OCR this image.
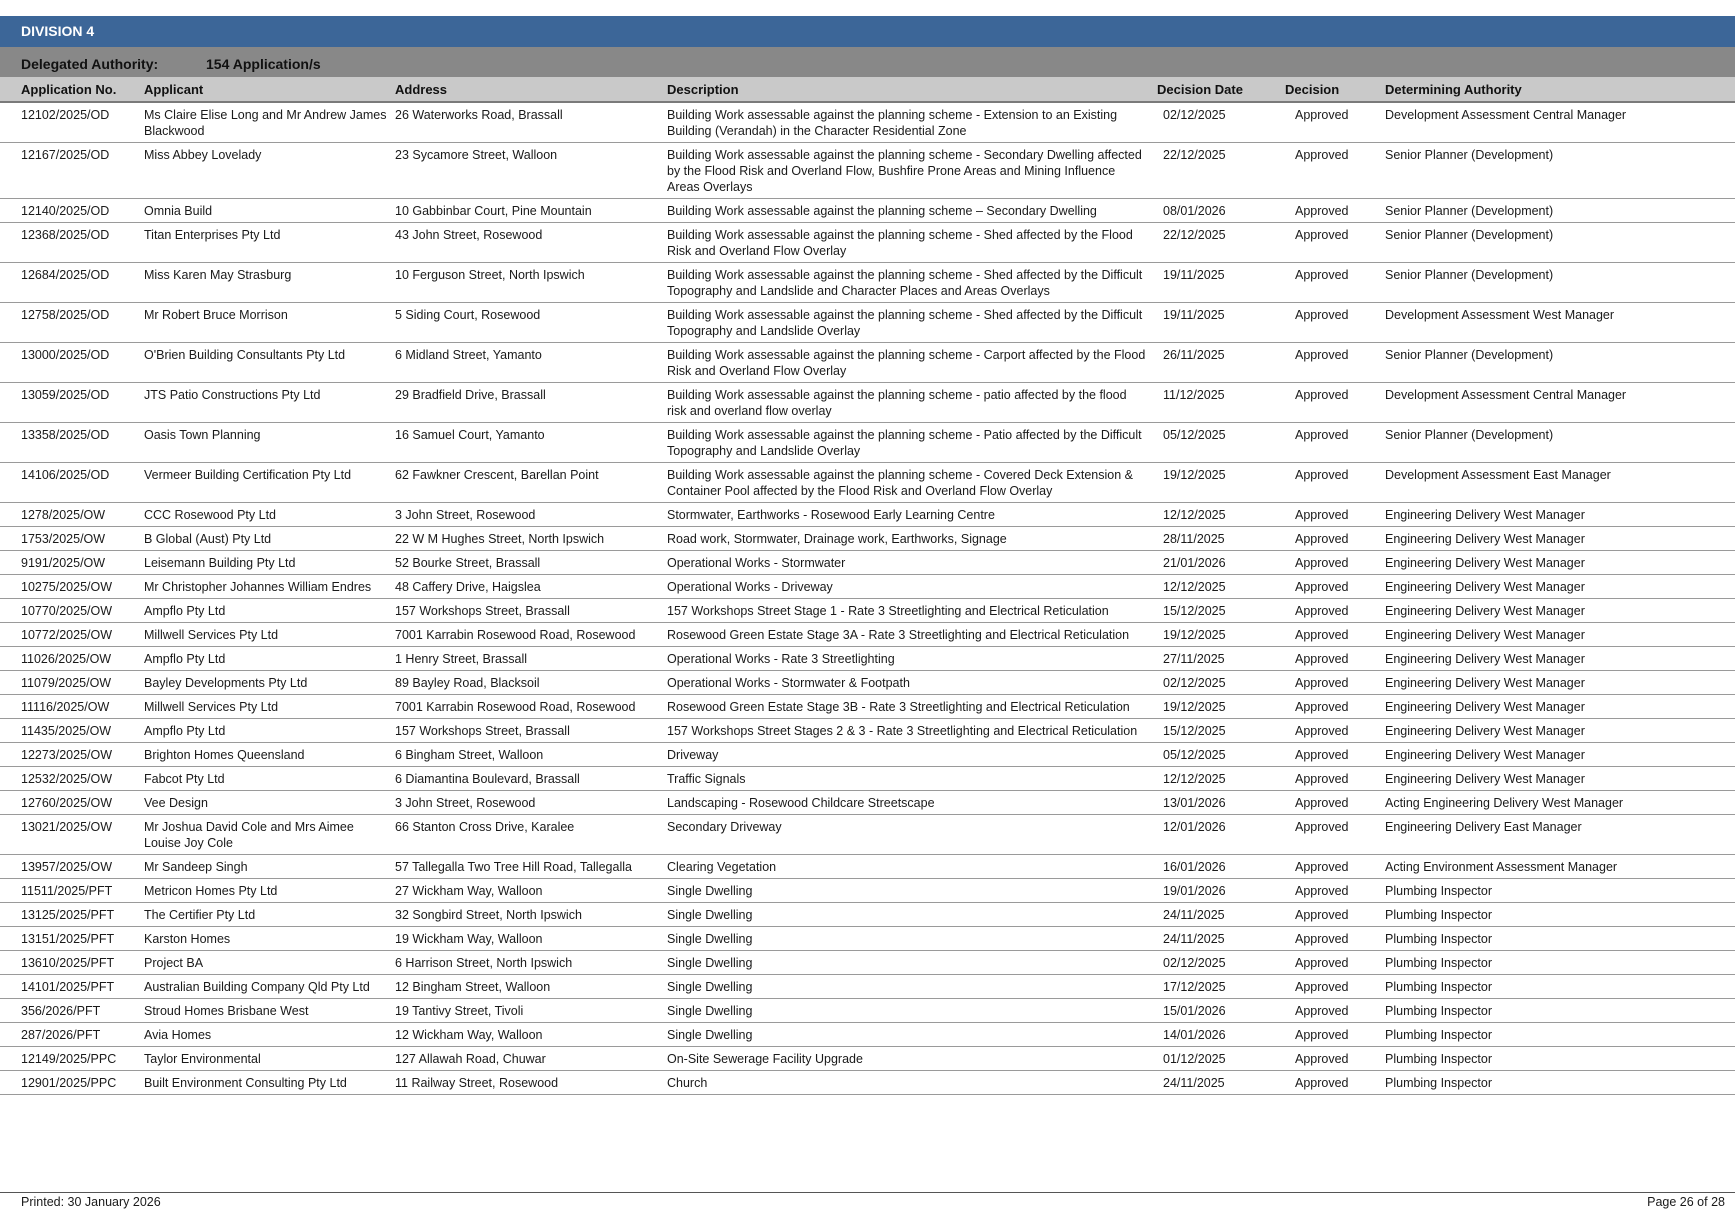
DIVISION 4
Delegated Authority:	154 Application/s
Application No.	Applicant	Address	Description	Decision Date	Decision	Determining Authority
12102/2025/OD	Ms Claire Elise Long and Mr Andrew James Blackwood	26 Waterworks Road, Brassall	Building Work assessable against the planning scheme - Extension to an Existing Building (Verandah) in the Character Residential Zone	02/12/2025	Approved	Development Assessment Central Manager
12167/2025/OD	Miss Abbey Lovelady	23 Sycamore Street, Walloon	Building Work assessable against the planning scheme - Secondary Dwelling affected by the Flood Risk and Overland Flow, Bushfire Prone Areas and Mining Influence Areas Overlays	22/12/2025	Approved	Senior Planner (Development)
12140/2025/OD	Omnia Build	10 Gabbinbar Court, Pine Mountain	Building Work assessable against the planning scheme – Secondary Dwelling	08/01/2026	Approved	Senior Planner (Development)
12368/2025/OD	Titan Enterprises Pty Ltd	43 John Street, Rosewood	Building Work assessable against the planning scheme - Shed affected by the Flood Risk and Overland Flow Overlay	22/12/2025	Approved	Senior Planner (Development)
12684/2025/OD	Miss Karen May Strasburg	10 Ferguson Street, North Ipswich	Building Work assessable against the planning scheme - Shed affected by the Difficult Topography and Landslide and Character Places and Areas Overlays	19/11/2025	Approved	Senior Planner (Development)
12758/2025/OD	Mr Robert Bruce Morrison	5 Siding Court, Rosewood	Building Work assessable against the planning scheme - Shed affected by the Difficult Topography and Landslide Overlay	19/11/2025	Approved	Development Assessment West Manager
13000/2025/OD	O'Brien Building Consultants Pty Ltd	6 Midland Street, Yamanto	Building Work assessable against the planning scheme - Carport affected by the Flood Risk and Overland Flow Overlay	26/11/2025	Approved	Senior Planner (Development)
13059/2025/OD	JTS Patio Constructions Pty Ltd	29 Bradfield Drive, Brassall	Building Work assessable against the planning scheme - patio affected by the flood risk and overland flow overlay	11/12/2025	Approved	Development Assessment Central Manager
13358/2025/OD	Oasis Town Planning	16 Samuel Court, Yamanto	Building Work assessable against the planning scheme - Patio affected by the Difficult Topography and Landslide Overlay	05/12/2025	Approved	Senior Planner (Development)
14106/2025/OD	Vermeer Building Certification Pty Ltd	62 Fawkner Crescent, Barellan Point	Building Work assessable against the planning scheme - Covered Deck Extension & Container Pool affected by the Flood Risk and Overland Flow Overlay	19/12/2025	Approved	Development Assessment East Manager
1278/2025/OW	CCC Rosewood Pty Ltd	3 John Street, Rosewood	Stormwater, Earthworks - Rosewood Early Learning Centre	12/12/2025	Approved	Engineering Delivery West Manager
1753/2025/OW	B Global (Aust) Pty Ltd	22 W M Hughes Street, North Ipswich	Road work, Stormwater, Drainage work, Earthworks, Signage	28/11/2025	Approved	Engineering Delivery West Manager
9191/2025/OW	Leisemann Building Pty Ltd	52 Bourke Street, Brassall	Operational Works - Stormwater	21/01/2026	Approved	Engineering Delivery West Manager
10275/2025/OW	Mr Christopher Johannes William Endres	48 Caffery Drive, Haigslea	Operational Works - Driveway	12/12/2025	Approved	Engineering Delivery West Manager
10770/2025/OW	Ampflo Pty Ltd	157 Workshops Street, Brassall	157 Workshops Street Stage 1 - Rate 3 Streetlighting and Electrical Reticulation	15/12/2025	Approved	Engineering Delivery West Manager
10772/2025/OW	Millwell Services Pty Ltd	7001 Karrabin Rosewood Road, Rosewood	Rosewood Green Estate Stage 3A - Rate 3 Streetlighting and Electrical Reticulation	19/12/2025	Approved	Engineering Delivery West Manager
11026/2025/OW	Ampflo Pty Ltd	1 Henry Street, Brassall	Operational Works - Rate 3 Streetlighting	27/11/2025	Approved	Engineering Delivery West Manager
11079/2025/OW	Bayley Developments Pty Ltd	89 Bayley Road, Blacksoil	Operational Works - Stormwater & Footpath	02/12/2025	Approved	Engineering Delivery West Manager
11116/2025/OW	Millwell Services Pty Ltd	7001 Karrabin Rosewood Road, Rosewood	Rosewood Green Estate Stage 3B - Rate 3 Streetlighting and Electrical Reticulation	19/12/2025	Approved	Engineering Delivery West Manager
11435/2025/OW	Ampflo Pty Ltd	157 Workshops Street, Brassall	157 Workshops Street Stages 2 & 3 - Rate 3 Streetlighting and Electrical Reticulation	15/12/2025	Approved	Engineering Delivery West Manager
12273/2025/OW	Brighton Homes Queensland	6 Bingham Street, Walloon	Driveway	05/12/2025	Approved	Engineering Delivery West Manager
12532/2025/OW	Fabcot Pty Ltd	6 Diamantina Boulevard, Brassall	Traffic Signals	12/12/2025	Approved	Engineering Delivery West Manager
12760/2025/OW	Vee Design	3 John Street, Rosewood	Landscaping - Rosewood Childcare Streetscape	13/01/2026	Approved	Acting Engineering Delivery West Manager
13021/2025/OW	Mr Joshua David Cole and Mrs Aimee Louise Joy Cole	66 Stanton Cross Drive, Karalee	Secondary Driveway	12/01/2026	Approved	Engineering Delivery East Manager
13957/2025/OW	Mr Sandeep Singh	57 Tallegalla Two Tree Hill Road, Tallegalla	Clearing Vegetation	16/01/2026	Approved	Acting Environment Assessment Manager
11511/2025/PFT	Metricon Homes Pty Ltd	27 Wickham Way, Walloon	Single Dwelling	19/01/2026	Approved	Plumbing Inspector
13125/2025/PFT	The Certifier Pty Ltd	32 Songbird Street, North Ipswich	Single Dwelling	24/11/2025	Approved	Plumbing Inspector
13151/2025/PFT	Karston Homes	19 Wickham Way, Walloon	Single Dwelling	24/11/2025	Approved	Plumbing Inspector
13610/2025/PFT	Project BA	6 Harrison Street, North Ipswich	Single Dwelling	02/12/2025	Approved	Plumbing Inspector
14101/2025/PFT	Australian Building Company Qld Pty Ltd	12 Bingham Street, Walloon	Single Dwelling	17/12/2025	Approved	Plumbing Inspector
356/2026/PFT	Stroud Homes Brisbane West	19 Tantivy Street, Tivoli	Single Dwelling	15/01/2026	Approved	Plumbing Inspector
287/2026/PFT	Avia Homes	12 Wickham Way, Walloon	Single Dwelling	14/01/2026	Approved	Plumbing Inspector
12149/2025/PPC	Taylor Environmental	127 Allawah Road, Chuwar	On-Site Sewerage Facility Upgrade	01/12/2025	Approved	Plumbing Inspector
12901/2025/PPC	Built Environment Consulting Pty Ltd	11 Railway Street, Rosewood	Church	24/11/2025	Approved	Plumbing Inspector
Printed: 30 January 2026	Page 26 of 28
